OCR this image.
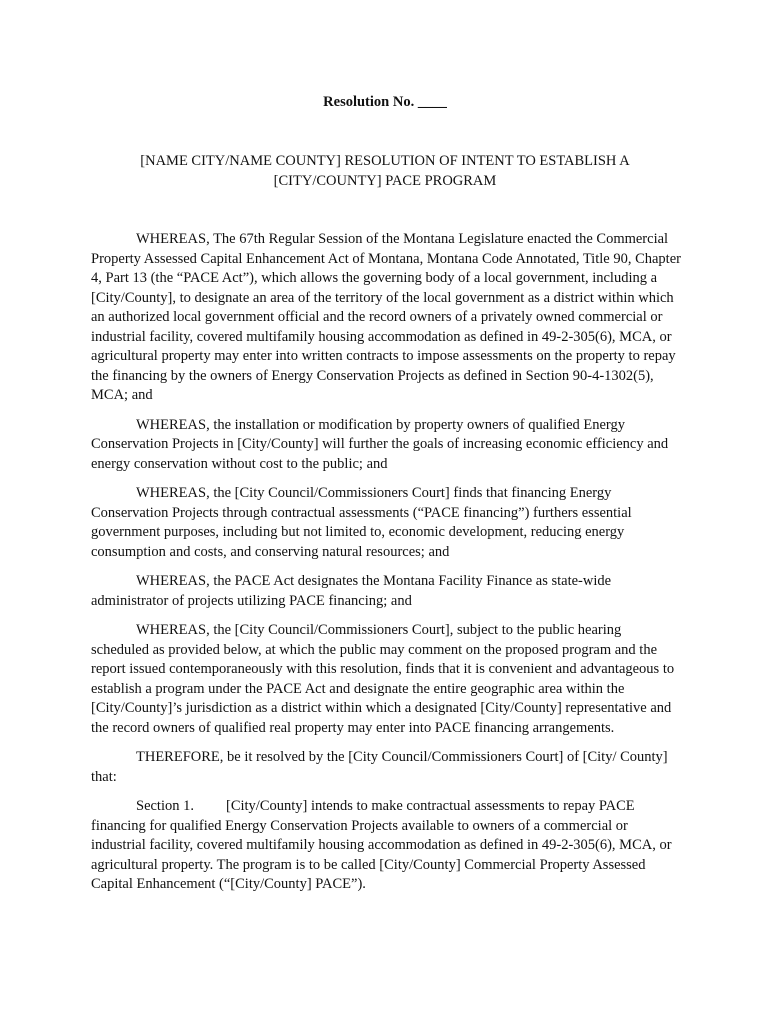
Resolution No. ____
[NAME CITY/NAME COUNTY] RESOLUTION OF INTENT TO ESTABLISH A
[CITY/COUNTY] PACE PROGRAM

WHEREAS, The 67th Regular Session of the Montana Legislature enacted the Commercial Property Assessed Capital Enhancement Act of Montana, Montana Code Annotated, Title 90, Chapter 4, Part 13 (the “PACE Act”), which allows the governing body of a local government, including a [City/County], to designate an area of the territory of the local government as a district within which an authorized local government official and the record owners of a privately owned commercial or industrial facility, covered multifamily housing accommodation as defined in 49-2-305(6), MCA, or agricultural property may enter into written contracts to impose assessments on the property to repay the financing by the owners of Energy Conservation Projects as defined in Section 90-4-1302(5), MCA; and

WHEREAS, the installation or modification by property owners of qualified Energy Conservation Projects in [City/County] will further the goals of increasing economic efficiency and energy conservation without cost to the public; and

WHEREAS, the [City Council/Commissioners Court] finds that financing Energy Conservation Projects through contractual assessments (“PACE financing”) furthers essential government purposes, including but not limited to, economic development, reducing energy consumption and costs, and conserving natural resources; and

WHEREAS, the PACE Act designates the Montana Facility Finance as state-wide administrator of projects utilizing PACE financing; and

WHEREAS, the [City Council/Commissioners Court], subject to the public hearing scheduled as provided below, at which the public may comment on the proposed program and the report issued contemporaneously with this resolution, finds that it is convenient and advantageous to establish a program under the PACE Act and designate the entire geographic area within the [City/County]’s jurisdiction as a district within which a designated [City/County] representative and the record owners of qualified real property may enter into PACE financing arrangements.

THEREFORE, be it resolved by the [City Council/Commissioners Court] of [City/ County] that:

Section 1. [City/County] intends to make contractual assessments to repay PACE financing for qualified Energy Conservation Projects available to owners of a commercial or industrial facility, covered multifamily housing accommodation as defined in 49-2-305(6), MCA, or agricultural property. The program is to be called [City/County] Commercial Property Assessed Capital Enhancement (“[City/County] PACE”).
